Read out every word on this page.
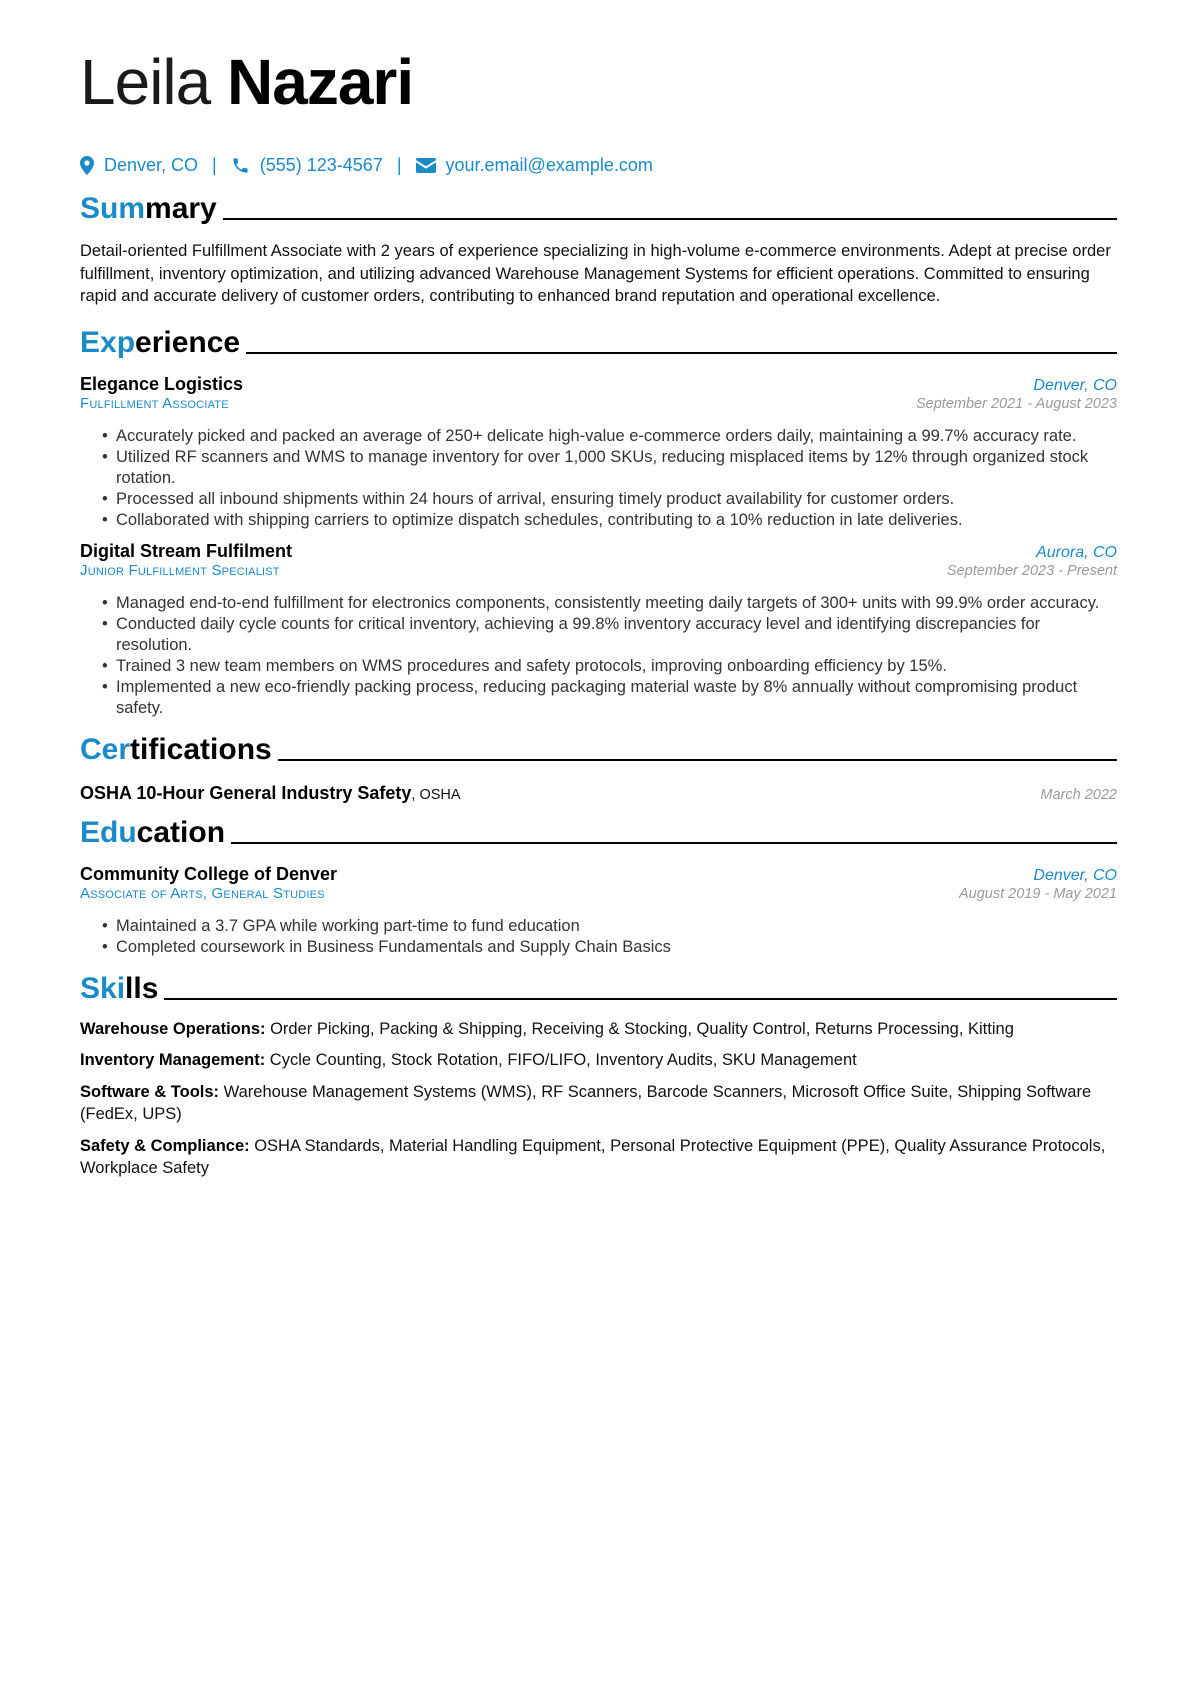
Leila Nazari
Denver, CO | (555) 123-4567 | your.email@example.com
Summary
Detail-oriented Fulfillment Associate with 2 years of experience specializing in high-volume e-commerce environments. Adept at precise order fulfillment, inventory optimization, and utilizing advanced Warehouse Management Systems for efficient operations. Committed to ensuring rapid and accurate delivery of customer orders, contributing to enhanced brand reputation and operational excellence.
Experience
Elegance Logistics	Denver, CO
Fulfillment Associate	September 2021 - August 2023
• Accurately picked and packed an average of 250+ delicate high-value e-commerce orders daily, maintaining a 99.7% accuracy rate.
• Utilized RF scanners and WMS to manage inventory for over 1,000 SKUs, reducing misplaced items by 12% through organized stock rotation.
• Processed all inbound shipments within 24 hours of arrival, ensuring timely product availability for customer orders.
• Collaborated with shipping carriers to optimize dispatch schedules, contributing to a 10% reduction in late deliveries.
Digital Stream Fulfilment	Aurora, CO
Junior Fulfillment Specialist	September 2023 - Present
• Managed end-to-end fulfillment for electronics components, consistently meeting daily targets of 300+ units with 99.9% order accuracy.
• Conducted daily cycle counts for critical inventory, achieving a 99.8% inventory accuracy level and identifying discrepancies for resolution.
• Trained 3 new team members on WMS procedures and safety protocols, improving onboarding efficiency by 15%.
• Implemented a new eco-friendly packing process, reducing packaging material waste by 8% annually without compromising product safety.
Certifications
OSHA 10-Hour General Industry Safety, OSHA	March 2022
Education
Community College of Denver	Denver, CO
Associate of Arts, General Studies	August 2019 - May 2021
• Maintained a 3.7 GPA while working part-time to fund education
• Completed coursework in Business Fundamentals and Supply Chain Basics
Skills
Warehouse Operations: Order Picking, Packing & Shipping, Receiving & Stocking, Quality Control, Returns Processing, Kitting
Inventory Management: Cycle Counting, Stock Rotation, FIFO/LIFO, Inventory Audits, SKU Management
Software & Tools: Warehouse Management Systems (WMS), RF Scanners, Barcode Scanners, Microsoft Office Suite, Shipping Software (FedEx, UPS)
Safety & Compliance: OSHA Standards, Material Handling Equipment, Personal Protective Equipment (PPE), Quality Assurance Protocols, Workplace Safety
